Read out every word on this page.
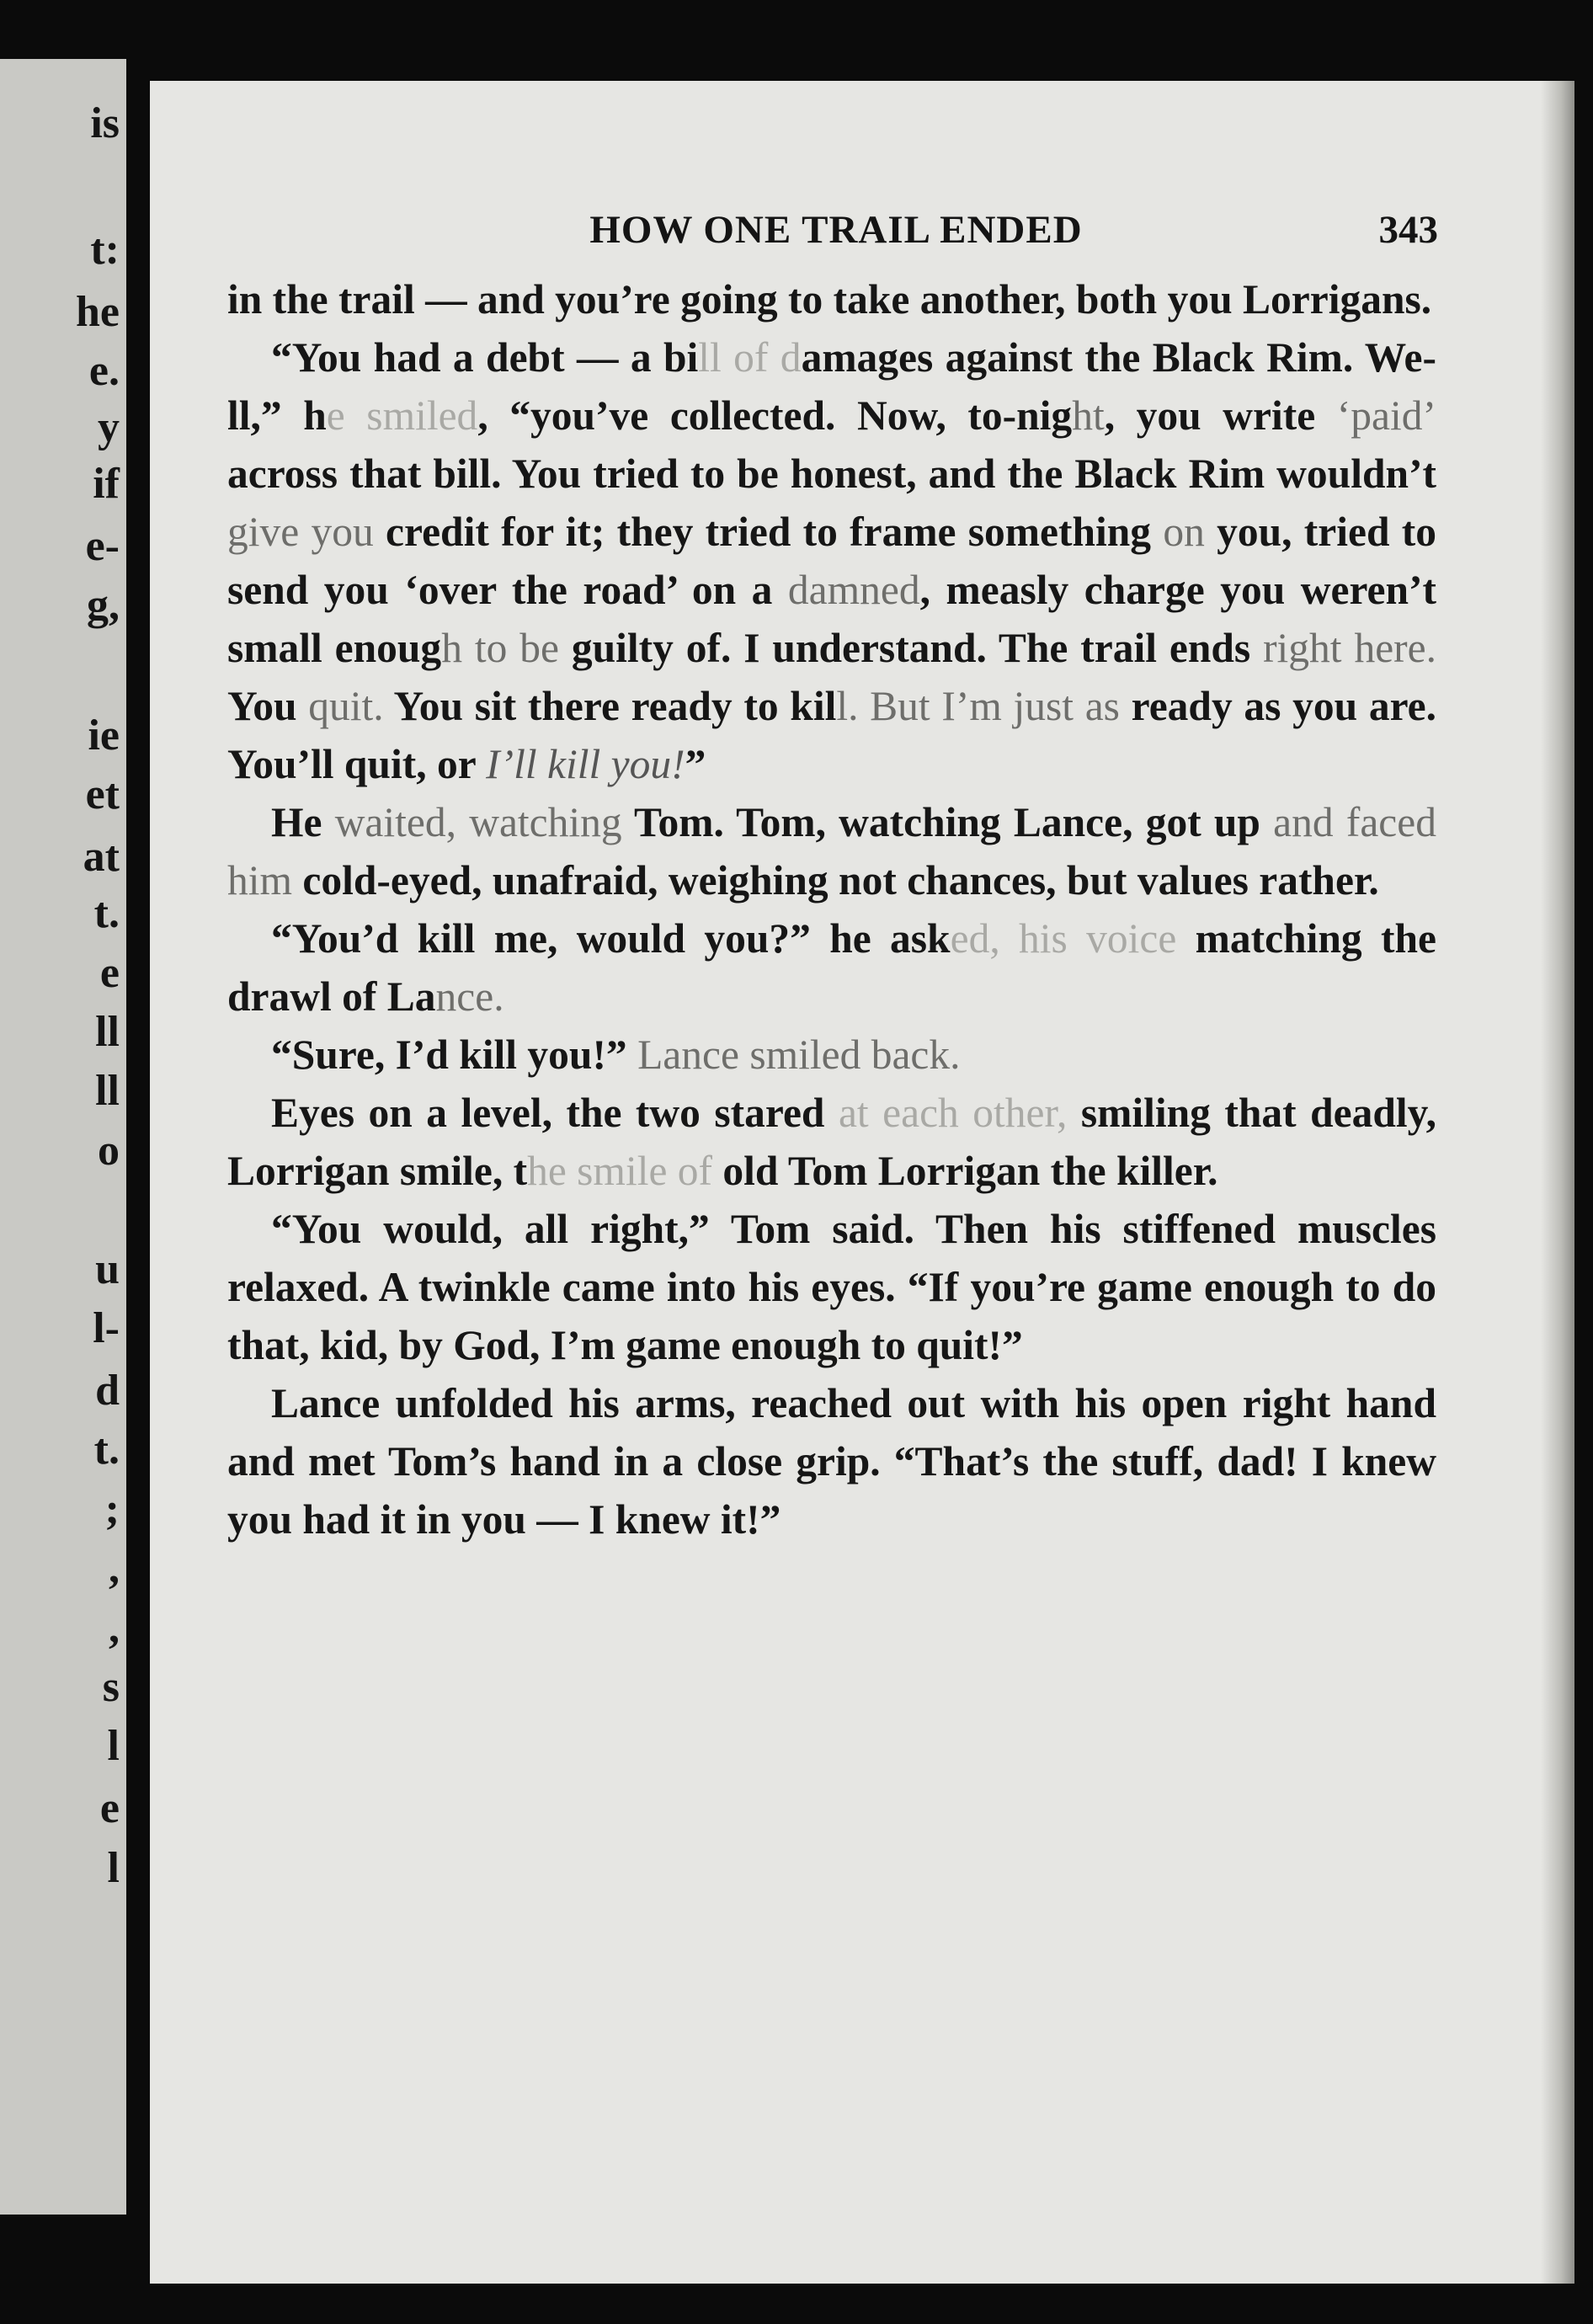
is
t:
he
e.
y
if
e-
g,
ie
et
at
t.
e
ll
ll
o
u
l-
d
t.
;
,
,
s
l
e
l
HOW ONE TRAIL ENDED	343

in the trail — and you’re going to take another, both you Lorrigans.

“You had a debt — a bill of damages against the Black Rim. We-ll,” he smiled, “you’ve collected. Now, to-night, you write ‘paid’ across that bill. You tried to be honest, and the Black Rim wouldn’t give you credit for it; they tried to frame something on you, tried to send you ‘over the road’ on a damned, measly charge you weren’t small enough to be guilty of. I understand. The trail ends right here. You quit. You sit there ready to kill. But I’m just as ready as you are. You’ll quit, or I’ll kill you!”

He waited, watching Tom. Tom, watching Lance, got up and faced him cold-eyed, unafraid, weighing not chances, but values rather.

“You’d kill me, would you?” he asked, his voice matching the drawl of Lance.

“Sure, I’d kill you!” Lance smiled back.

Eyes on a level, the two stared at each other, smiling that deadly, Lorrigan smile, the smile of old Tom Lorrigan the killer.

“You would, all right,” Tom said. Then his stiffened muscles relaxed. A twinkle came into his eyes. “If you’re game enough to do that, kid, by God, I’m game enough to quit!”

Lance unfolded his arms, reached out with his open right hand and met Tom’s hand in a close grip. “That’s the stuff, dad! I knew you had it in you — I knew it!”
